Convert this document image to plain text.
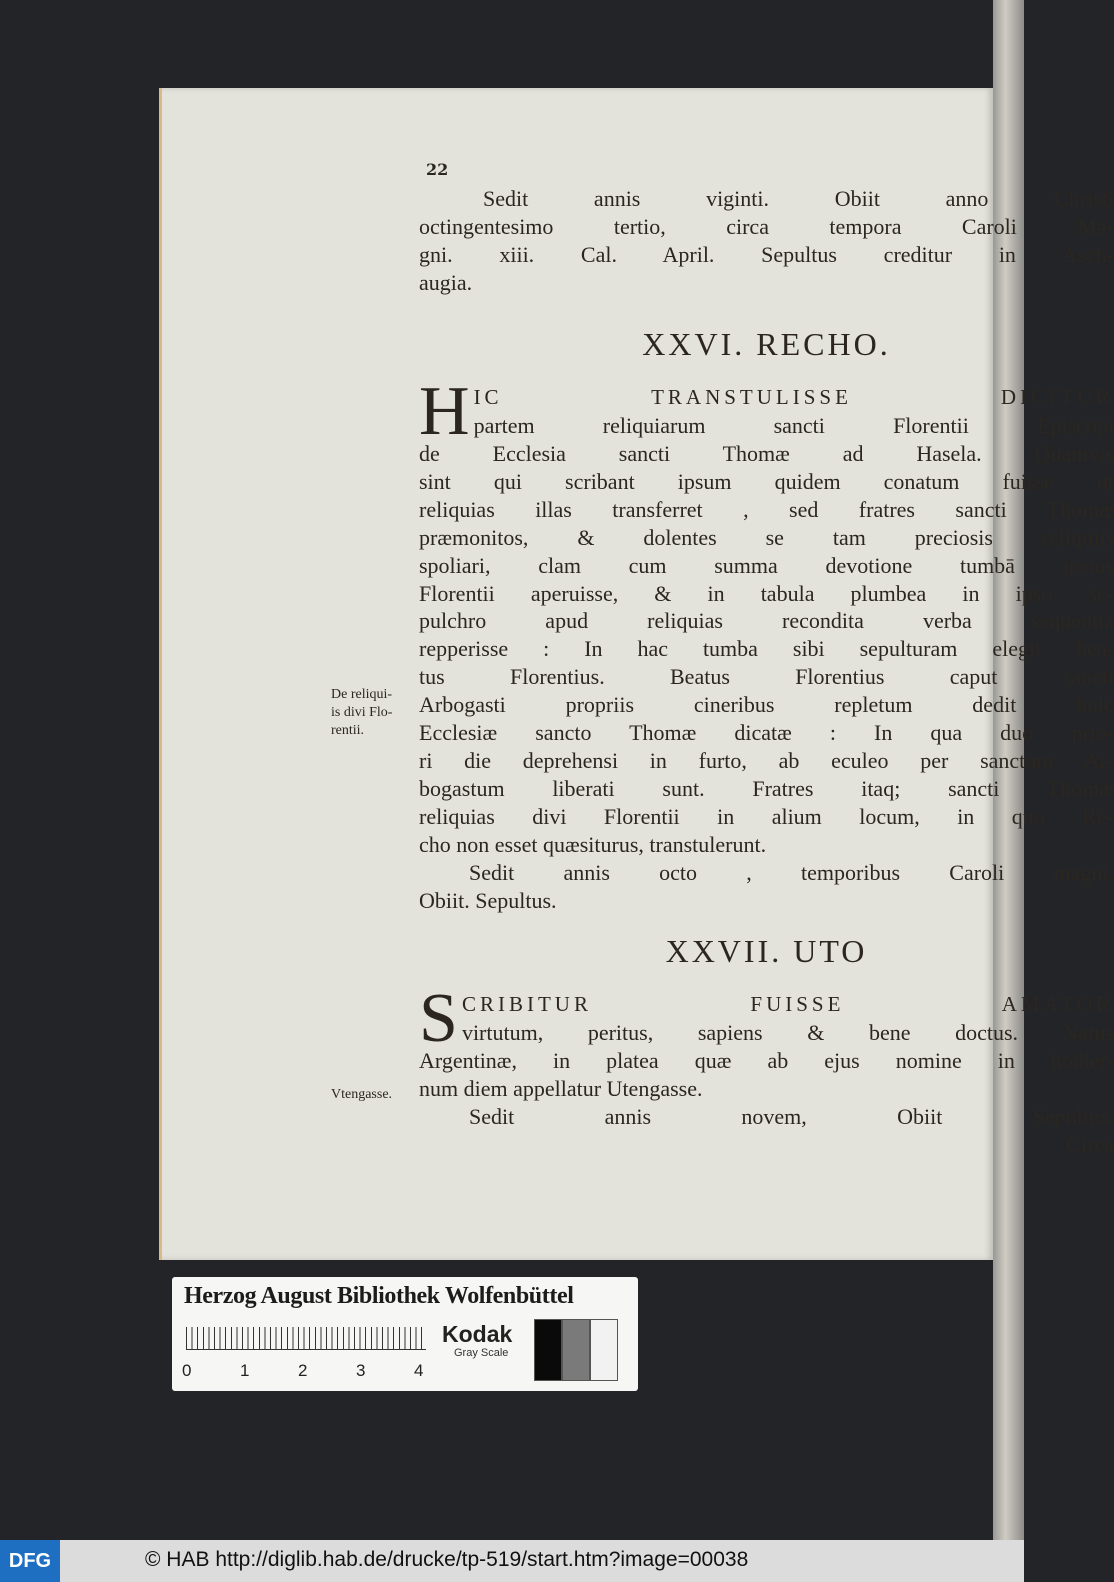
22
Sedit annis viginti. Obiit anno Christi
octingentesimo tertio, circa tempora Caroli Ma-
gni. xiii. Cal. April. Sepultus creditur in Asch-
augia.
XXVI. RECHO.
H IC TRANSTULISSE DICITUR
partem reliquiarum sancti Florentii Episcopi
de Ecclesia sancti Thomæ ad Hasela. Quamvis
sint qui scribant ipsum quidem conatum fuisse ut
reliquias illas transferret , sed fratres sancti Thomæ
præmonitos, & dolentes se tam preciosis reliquiis
spoliari, clam cum summa devotione tumbā ipsius
Florentii aperuisse, & in tabula plumbea in ipso se-
pulchro apud reliquias recondita verba sequentia
repperisse : In hac tumba sibi sepulturam elegit bea-
tus Florentius. Beatus Florentius caput sancti
Arbogasti propriis cineribus repletum dedit huic
Ecclesiæ sancto Thomæ dicatæ : In qua duo prio-
ri die deprehensi in furto, ab eculeo per sanctum Ar-
bogastum liberati sunt. Fratres itaq; sancti Thomæ
reliquias divi Florentii in alium locum, in quo Re-
cho non esset quæsiturus, transtulerunt.
Sedit annis octo , temporibus Caroli magni.
Obiit. Sepultus.
De reliqui-
is divi Flo-
rentii.
XXVII. UTO
S CRIBITUR FUISSE AMATOR
virtutum, peritus, sapiens & bene doctus. Natus
Argentinæ, in platea quæ ab ejus nomine in hodier-
num diem appellatur Utengasse.
Sedit annis novem, Obiit Sepultus.
Circa
Vtengasse.
Herzog August Bibliothek Wolfenbüttel
0	1	2	3	4
Kodak
Gray Scale
DFG	© HAB http://diglib.hab.de/drucke/tp-519/start.htm?image=00038
